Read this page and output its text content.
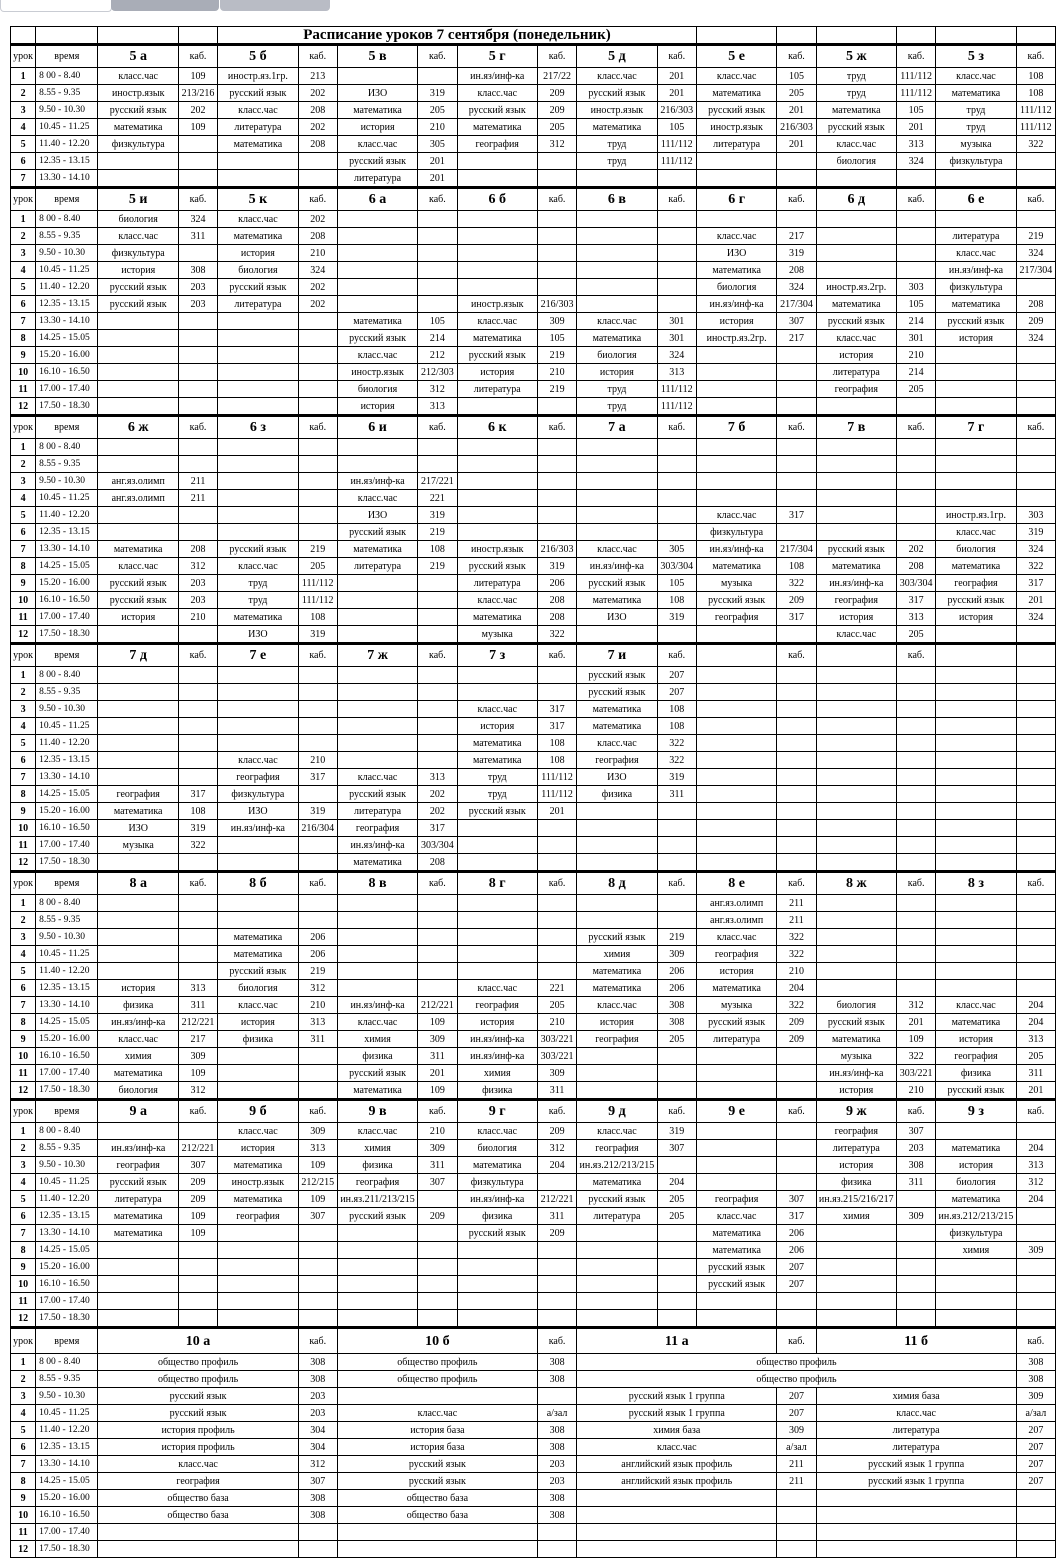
				Расписание уроков 7 сентября (понедельник)													
урок	время	5 а	каб.	5 б	каб.	5 в	каб.	5 г	каб.	5 д	каб.	5 е	каб.	5 ж	каб.	5 з	каб.
1	8 00 - 8.40	класс.час	109	иностр.яз.1гр.	213			ин.яз/инф-ка	217/22	класс.час	201	класс.час	105	труд	111/112	класс.час	108
2	8.55 - 9.35	иностр.язык	213/216	русский язык	202	ИЗО	319	класс.час	209	русский язык	201	математика	205	труд	111/112	математика	108
3	9.50 - 10.30	русский язык	202	класс.час	208	математика	205	русский язык	209	иностр.язык	216/303	русский язык	201	математика	105	труд	111/112
4	10.45 - 11.25	математика	109	литература	202	история	210	математика	205	математика	105	иностр.язык	216/303	русский язык	201	труд	111/112
5	11.40 - 12.20	физкультура		математика	208	класс.час	305	география	312	труд	111/112	литература	201	класс.час	313	музыка	322
6	12.35 - 13.15					русский язык	201			труд	111/112			биология	324	физкультура	
7	13.30 - 14.10					литература	201										
урок	время	5 и	каб.	5 к	каб.	6 а	каб.	6 б	каб.	6 в	каб.	6 г	каб.	6 д	каб.	6 е	каб.
1	8 00 - 8.40	биология	324	класс.час	202												
2	8.55 - 9.35	класс.час	311	математика	208							класс.час	217			литература	219
3	9.50 - 10.30	физкультура		история	210							ИЗО	319			класс.час	324
4	10.45 - 11.25	история	308	биология	324							математика	208			ин.яз/инф-ка	217/304
5	11.40 - 12.20	русский язык	203	русский язык	202							биология	324	иностр.яз.2гр.	303	физкультура	
6	12.35 - 13.15	русский язык	203	литература	202			иностр.язык	216/303			ин.яз/инф-ка	217/304	математика	105	математика	208
7	13.30 - 14.10					математика	105	класс.час	309	класс.час	301	история	307	русский язык	214	русский язык	209
8	14.25 - 15.05					русский язык	214	математика	105	математика	301	иностр.яз.2гр.	217	класс.час	301	история	324
9	15.20 - 16.00					класс.час	212	русский язык	219	биология	324			история	210		
10	16.10 - 16.50					иностр.язык	212/303	история	210	история	313			литература	214		
11	17.00 - 17.40					биология	312	литература	219	труд	111/112			география	205		
12	17.50 - 18.30					история	313			труд	111/112						
урок	время	6 ж	каб.	6 з	каб.	6 и	каб.	6 к	каб.	7 а	каб.	7 б	каб.	7 в	каб.	7 г	каб.
1	8 00 - 8.40																
2	8.55 - 9.35																
3	9.50 - 10.30	анг.яз.олимп	211			ин.яз/инф-ка	217/221										
4	10.45 - 11.25	анг.яз.олимп	211			класс.час	221										
5	11.40 - 12.20					ИЗО	319					класс.час	317			иностр.яз.1гр.	303
6	12.35 - 13.15					русский язык	219					физкультура				класс.час	319
7	13.30 - 14.10	математика	208	русский язык	219	математика	108	иностр.язык	216/303	класс.час	305	ин.яз/инф-ка	217/304	русский язык	202	биология	324
8	14.25 - 15.05	класс.час	312	класс.час	205	литература	219	русский язык	319	ин.яз/инф-ка	303/304	математика	108	математика	208	математика	322
9	15.20 - 16.00	русский язык	203	труд	111/112			литература	206	русский язык	105	музыка	322	ин.яз/инф-ка	303/304	география	317
10	16.10 - 16.50	русский язык	203	труд	111/112			класс.час	208	математика	108	русский язык	209	география	317	русский язык	201
11	17.00 - 17.40	история	210	математика	108			математика	208	ИЗО	319	география	317	история	313	история	324
12	17.50 - 18.30			ИЗО	319			музыка	322					класс.час	205		
урок	время	7 д	каб.	7 е	каб.	7 ж	каб.	7 з	каб.	7 и	каб.		каб.		каб.		
1	8 00 - 8.40									русский язык	207						
2	8.55 - 9.35									русский язык	207						
3	9.50 - 10.30							класс.час	317	математика	108						
4	10.45 - 11.25							история	317	математика	108						
5	11.40 - 12.20							математика	108	класс.час	322						
6	12.35 - 13.15			класс.час	210			математика	108	география	322						
7	13.30 - 14.10			география	317	класс.час	313	труд	111/112	ИЗО	319						
8	14.25 - 15.05	география	317	физкультура		русский язык	202	труд	111/112	физика	311						
9	15.20 - 16.00	математика	108	ИЗО	319	литература	202	русский язык	201								
10	16.10 - 16.50	ИЗО	319	ин.яз/инф-ка	216/304	география	317										
11	17.00 - 17.40	музыка	322			ин.яз/инф-ка	303/304										
12	17.50 - 18.30					математика	208										
урок	время	8 а	каб.	8 б	каб.	8 в	каб.	8 г	каб.	8 д	каб.	8 е	каб.	8 ж	каб.	8 з	каб.
1	8 00 - 8.40											анг.яз.олимп	211				
2	8.55 - 9.35											анг.яз.олимп	211				
3	9.50 - 10.30			математика	206					русский язык	219	класс.час	322				
4	10.45 - 11.25			математика	206					химия	309	география	322				
5	11.40 - 12.20			русский язык	219					математика	206	история	210				
6	12.35 - 13.15	история	313	биология	312			класс.час	221	математика	206	математика	204				
7	13.30 - 14.10	физика	311	класс.час	210	ин.яз/инф-ка	212/221	география	205	класс.час	308	музыка	322	биология	312	класс.час	204
8	14.25 - 15.05	ин.яз/инф-ка	212/221	история	313	класс.час	109	история	210	история	308	русский язык	209	русский язык	201	математика	204
9	15.20 - 16.00	класс.час	217	физика	311	химия	309	ин.яз/инф-ка	303/221	география	205	литература	209	математика	109	история	313
10	16.10 - 16.50	химия	309			физика	311	ин.яз/инф-ка	303/221					музыка	322	география	205
11	17.00 - 17.40	математика	109			русский язык	201	химия	309					ин.яз/инф-ка	303/221	физика	311
12	17.50 - 18.30	биология	312			математика	109	физика	311					история	210	русский язык	201
урок	время	9 а	каб.	9 б	каб.	9 в	каб.	9 г	каб.	9 д	каб.	9 е	каб.	9 ж	каб.	9 з	каб.
1	8 00 - 8.40			класс.час	309	класс.час	210	класс.час	209	класс.час	319			география	307		
2	8.55 - 9.35	ин.яз/инф-ка	212/221	история	313	химия	309	биология	312	география	307			литература	203	математика	204
3	9.50 - 10.30	география	307	математика	109	физика	311	математика	204	ин.яз.212/213/215				история	308	история	313
4	10.45 - 11.25	русский язык	209	иностр.язык	212/215	география	307	физкультура		математика	204			физика	311	биология	312
5	11.40 - 12.20	литература	209	математика	109	ин.яз.211/213/215		ин.яз/инф-ка	212/221	русский язык	205	география	307	ин.яз.215/216/217		математика	204
6	12.35 - 13.15	математика	109	география	307	русский язык	209	физика	311	литература	205	класс.час	317	химия	309	ин.яз.212/213/215	
7	13.30 - 14.10	математика	109					русский язык	209			математика	206			физкультура	
8	14.25 - 15.05											математика	206			химия	309
9	15.20 - 16.00											русский язык	207				
10	16.10 - 16.50											русский язык	207				
11	17.00 - 17.40																
12	17.50 - 18.30																
урок	время	10 а			каб.	10 б			каб.	11 а			каб.	11 б			каб.
1	8 00 - 8.40	общество профиль			308	общество профиль			308	общество профиль							308
2	8.55 - 9.35	общество профиль			308	общество профиль			308	общество профиль							308
3	9.50 - 10.30	русский язык			203					русский язык 1 группа			207	химия база			309
4	10.45 - 11.25	русский язык			203	класс.час			а/зал	русский язык 1 группа			207	класс.час			а/зал
5	11.40 - 12.20	история профиль			304	история база			308	химия база			309	литература			207
6	12.35 - 13.15	история профиль			304	история база			308	класс.час			а/зал	литература			207
7	13.30 - 14.10	класс.час			312	русский язык			203	английский язык профиль			211	русский язык 1 группа			207
8	14.25 - 15.05	география			307	русский язык			203	английский язык профиль			211	русский язык 1 группа			207
9	15.20 - 16.00	общество база			308	общество база			308								
10	16.10 - 16.50	общество база			308	общество база			308								
11	17.00 - 17.40																
12	17.50 - 18.30																
